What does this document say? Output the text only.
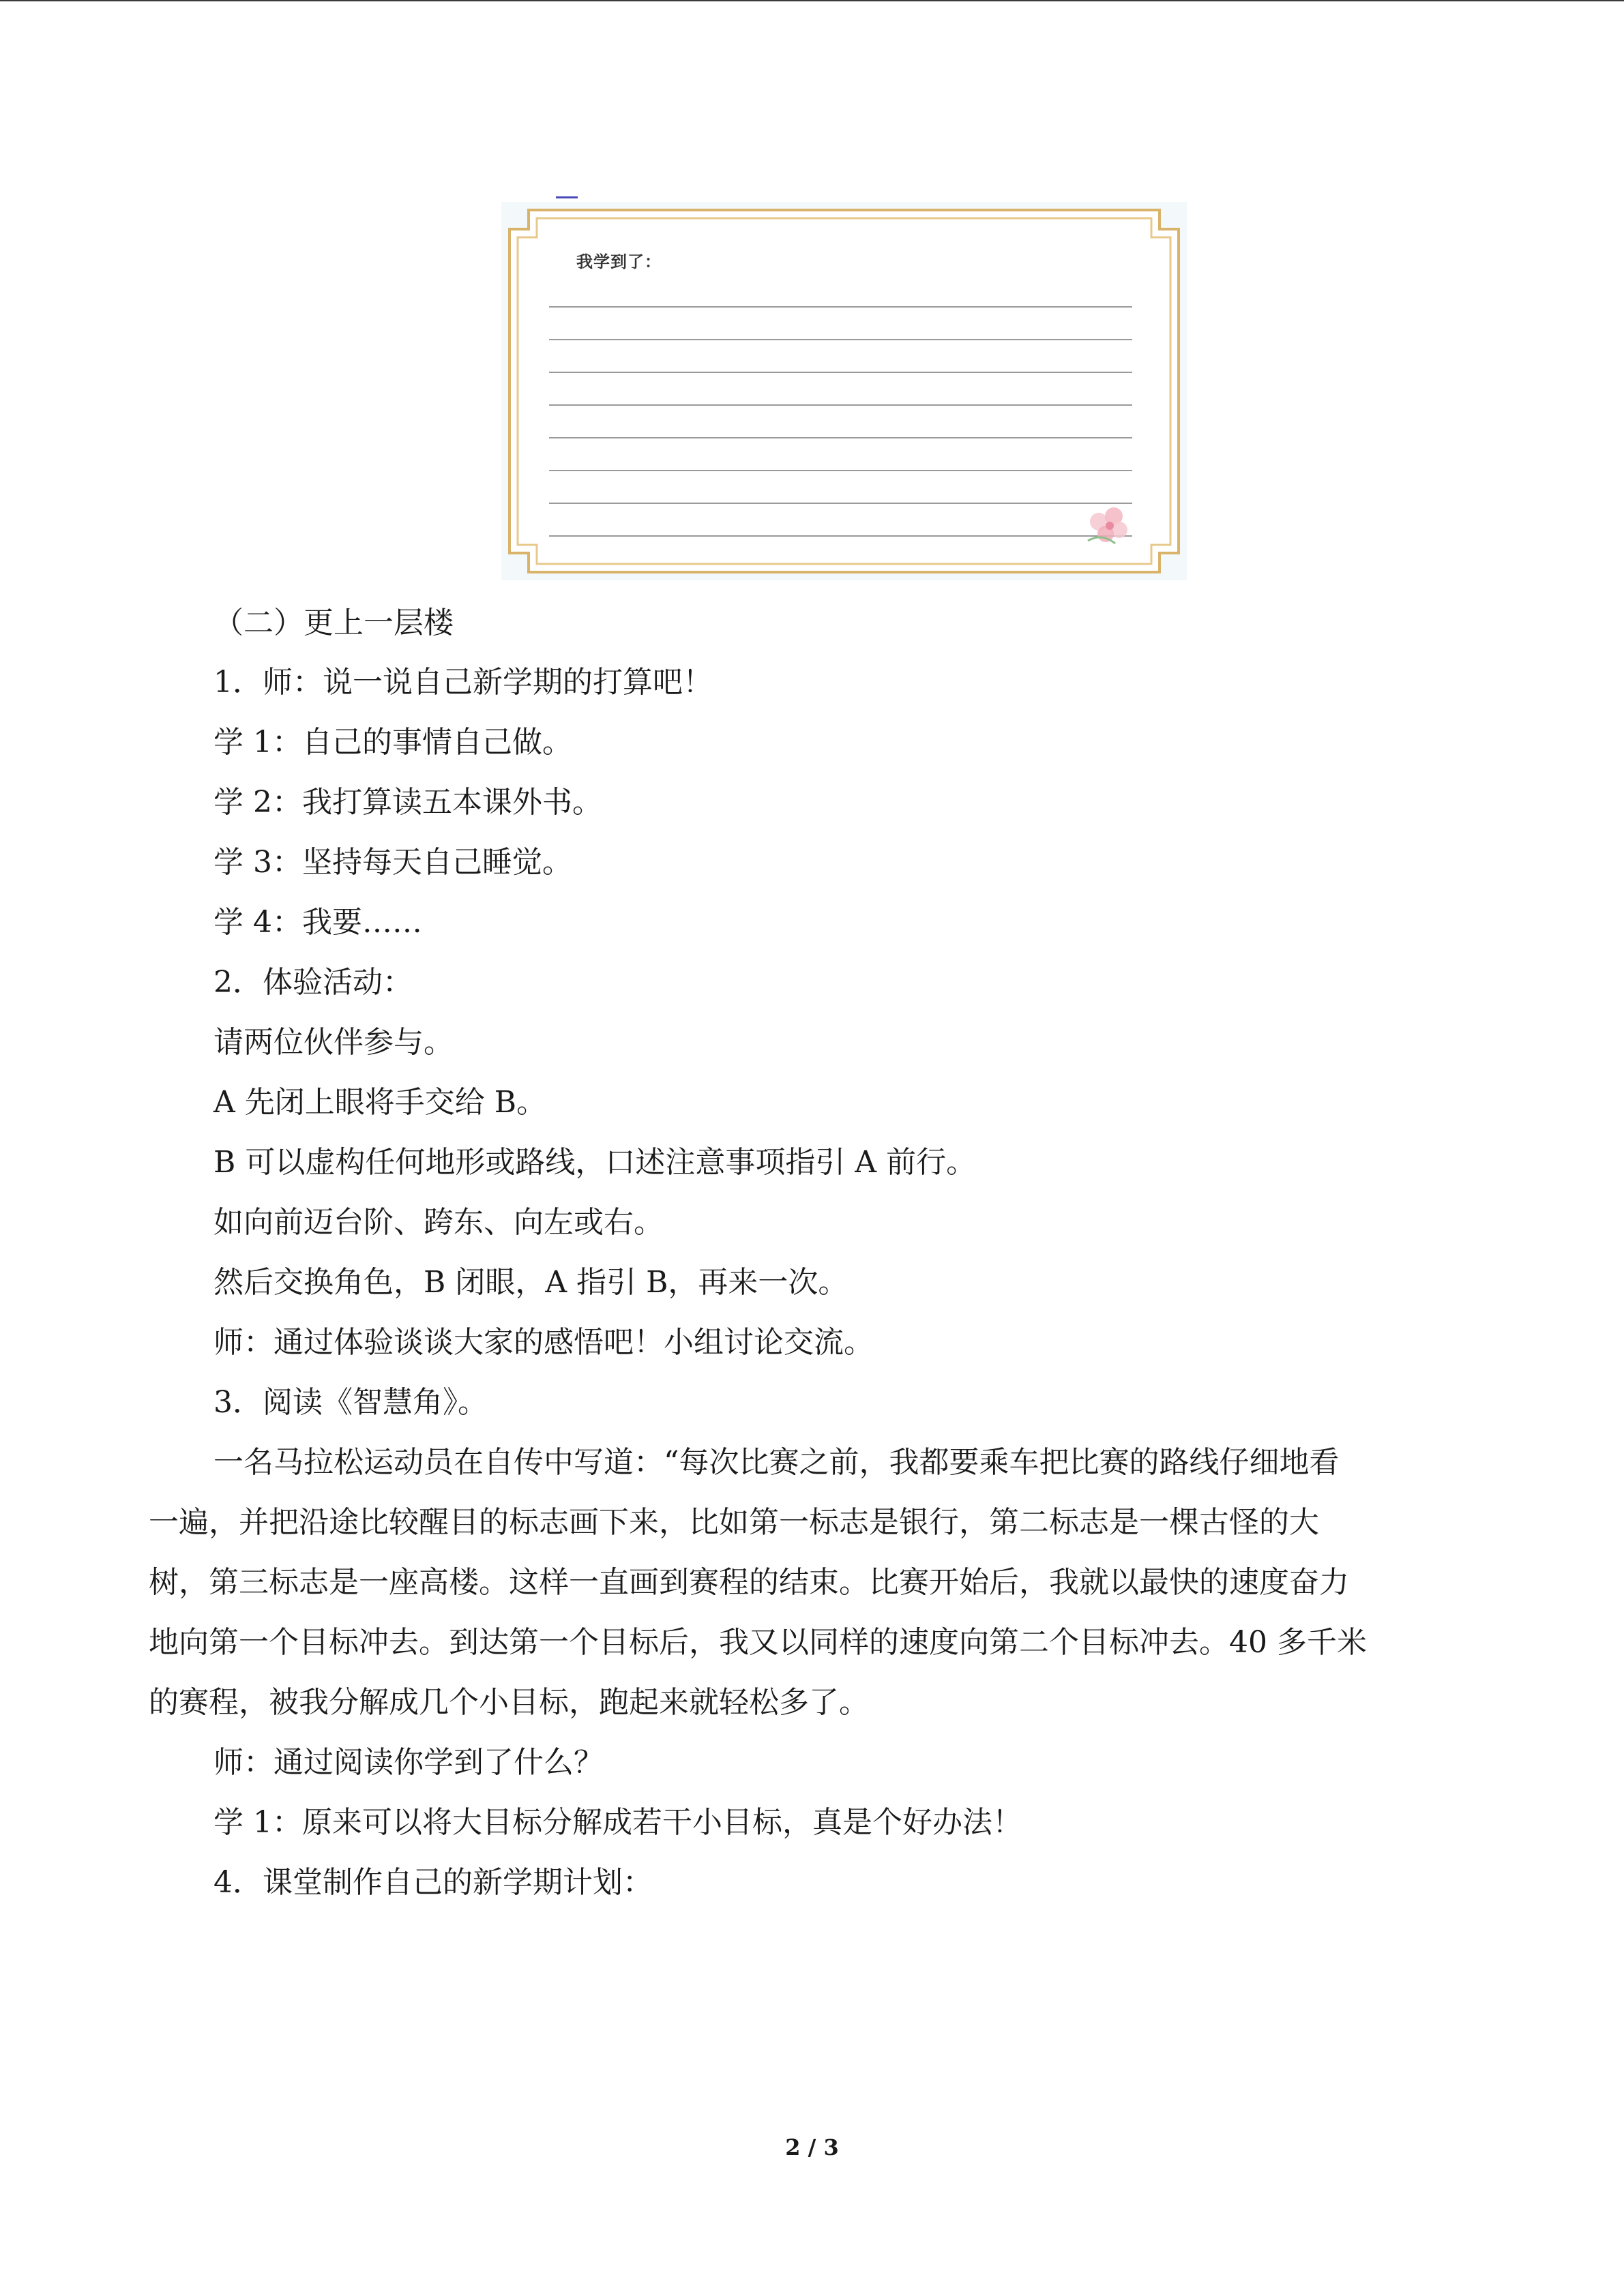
我学到了：
（二）更上一层楼
1．师：说一说自己新学期的打算吧！
学 1：自己的事情自己做。
学 2：我打算读五本课外书。
学 3：坚持每天自己睡觉。
学 4：我要……
2．体验活动：
请两位伙伴参与。
A 先闭上眼将手交给 B。
B 可以虚构任何地形或路线，口述注意事项指引 A 前行。
如向前迈台阶、跨东、向左或右。
然后交换角色，B 闭眼，A 指引 B，再来一次。
师：通过体验谈谈大家的感悟吧！小组讨论交流。
3．阅读《智慧角》。
一名马拉松运动员在自传中写道：“每次比赛之前，我都要乘车把比赛的路线仔细地看
一遍，并把沿途比较醒目的标志画下来，比如第一标志是银行，第二标志是一棵古怪的大
树，第三标志是一座高楼。这样一直画到赛程的结束。比赛开始后，我就以最快的速度奋力
地向第一个目标冲去。到达第一个目标后，我又以同样的速度向第二个目标冲去。40 多千米
的赛程，被我分解成几个小目标，跑起来就轻松多了。
师：通过阅读你学到了什么？
学 1：原来可以将大目标分解成若干小目标，真是个好办法！
4．课堂制作自己的新学期计划：
2 / 3
